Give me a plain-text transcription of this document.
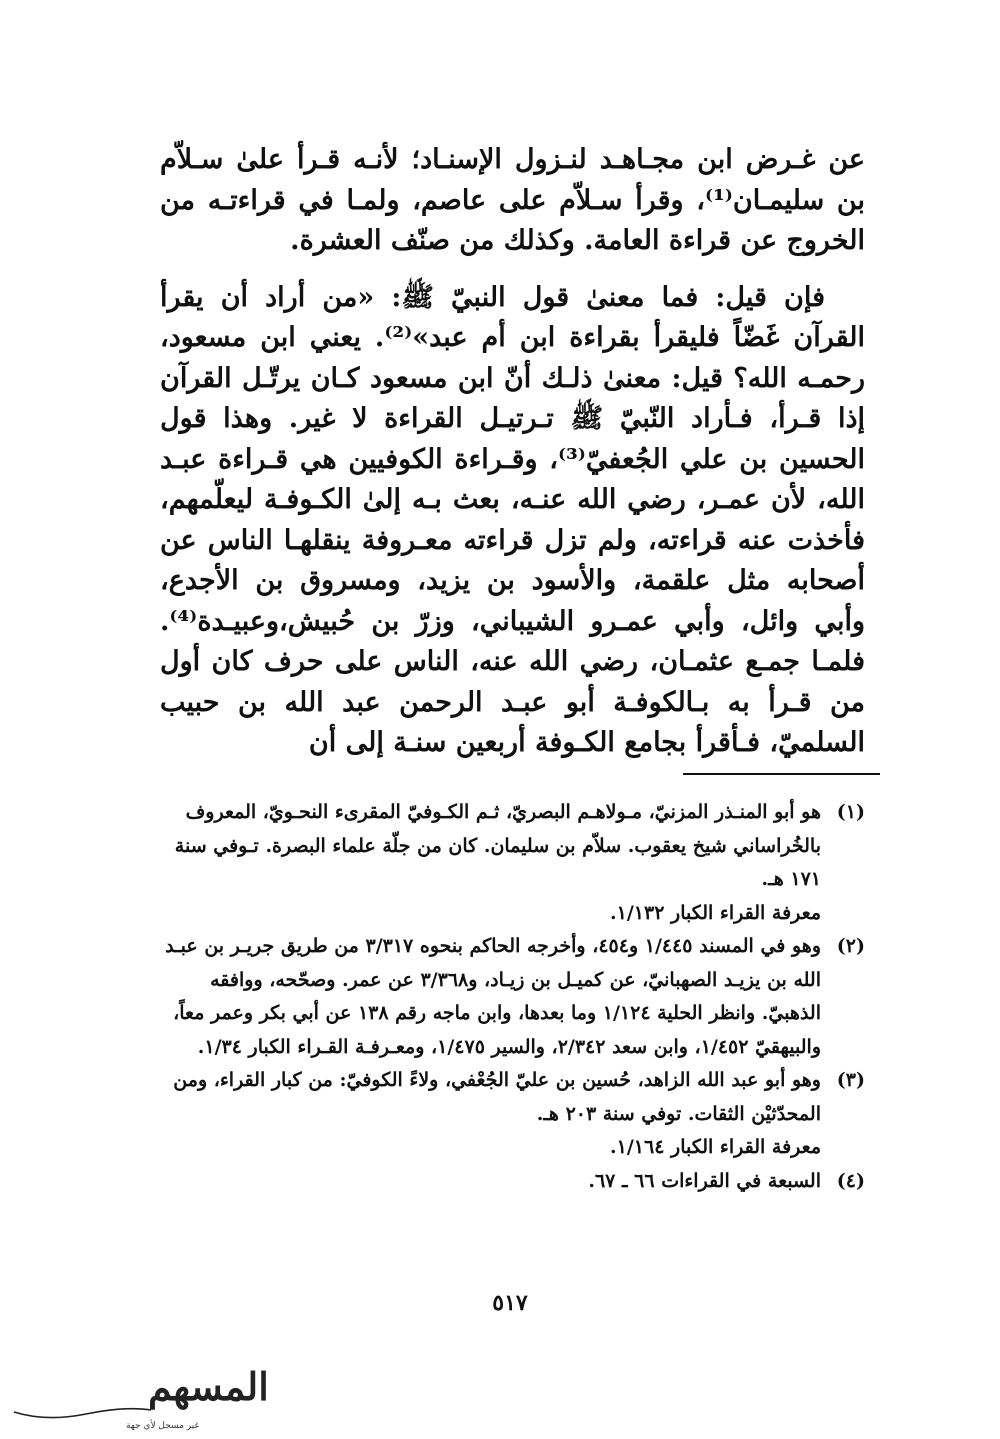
عن غـرض ابن مجـاهـد لنـزول الإسنـاد؛ لأنـه قـرأ علىٰ سـلاّم بن سليمـان⁽¹⁾، وقرأ سـلاّم على عاصم، ولمـا في قراءتـه من الخروج عن قراءة العامة. وكذلك من صنّف العشرة.

فإن قيل: فما معنىٰ قول النبيّ ﷺ: «من أراد أن يقرأ القرآن غَضّاً فليقرأ بقراءة ابن أم عبد»⁽²⁾. يعني ابن مسعود، رحمـه الله؟ قيل: معنىٰ ذلـك أنّ ابن مسعود كـان يرتّـل القرآن إذا قـرأ، فـأراد النّبيّ ﷺ تـرتيـل القراءة لا غير. وهذا قول الحسين بن علي الجُعفيّ⁽³⁾، وقـراءة الكوفيين هي قـراءة عبـد الله، لأن عمـر، رضي الله عنـه، بعث بـه إلىٰ الكـوفـة ليعلّمهم، فأخذت عنه قراءته، ولم تزل قراءته معـروفة ينقلهـا الناس عن أصحابه مثل علقمة، والأسود بن يزيد، ومسروق بن الأجدع، وأبي وائل، وأبي عمـرو الشيباني، وزرّ بن حُبيش،وعبيـدة⁽⁴⁾. فلمـا جمـع عثمـان، رضي الله عنه، الناس على حرف كان أول من قـرأ به بـالكوفـة أبو عبـد الرحمن عبد الله بن حبيب السلميّ، فـأقرأ بجامع الكـوفة أربعين سنـة إلى أن

(١)
هو أبو المنـذر المزنيّ، مـولاهـم البصريّ، ثـم الكـوفيّ المقرىء النحـويّ، المعروف بالخُراساني شيخ يعقوب. سلاّم بن سليمان. كان من جلّة علماء البصرة. تـوفي سنة ١٧١ هـ.
معرفة القراء الكبار ١/١٣٢.
(٢)
وهو في المسند ١/٤٤٥ و٤٥٤، وأخرجه الحاكم بنحوه ٣/٣١٧ من طريق جريـر بن عبـد الله بن يزيـد الصهبانيّ، عن كميـل بن زيـاد، و٣/٣٦٨ عن عمر. وصحّحه، ووافقه الذهبيّ. وانظر الحلية ١/١٢٤ وما بعدها، وابن ماجه رقم ١٣٨ عن أبي بكر وعمر معاً، والبيهقيّ ١/٤٥٢، وابن سعد ٢/٣٤٢، والسير ١/٤٧٥، ومعـرفـة القـراء الكبار ١/٣٤.
(٣)
وهو أبو عبد الله الزاهد، حُسين بن عليّ الجُعْفي، ولاءً الكوفيّ: من كبار القراء، ومن المحدّثيْن الثقات. توفي سنة ٢٠٣ هـ.
معرفة القراء الكبار ١/١٦٤.
(٤)
السبعة في القراءات ٦٦ ـ ٦٧.
٥١٧
المسهم
غير مسجل لأي جهة
